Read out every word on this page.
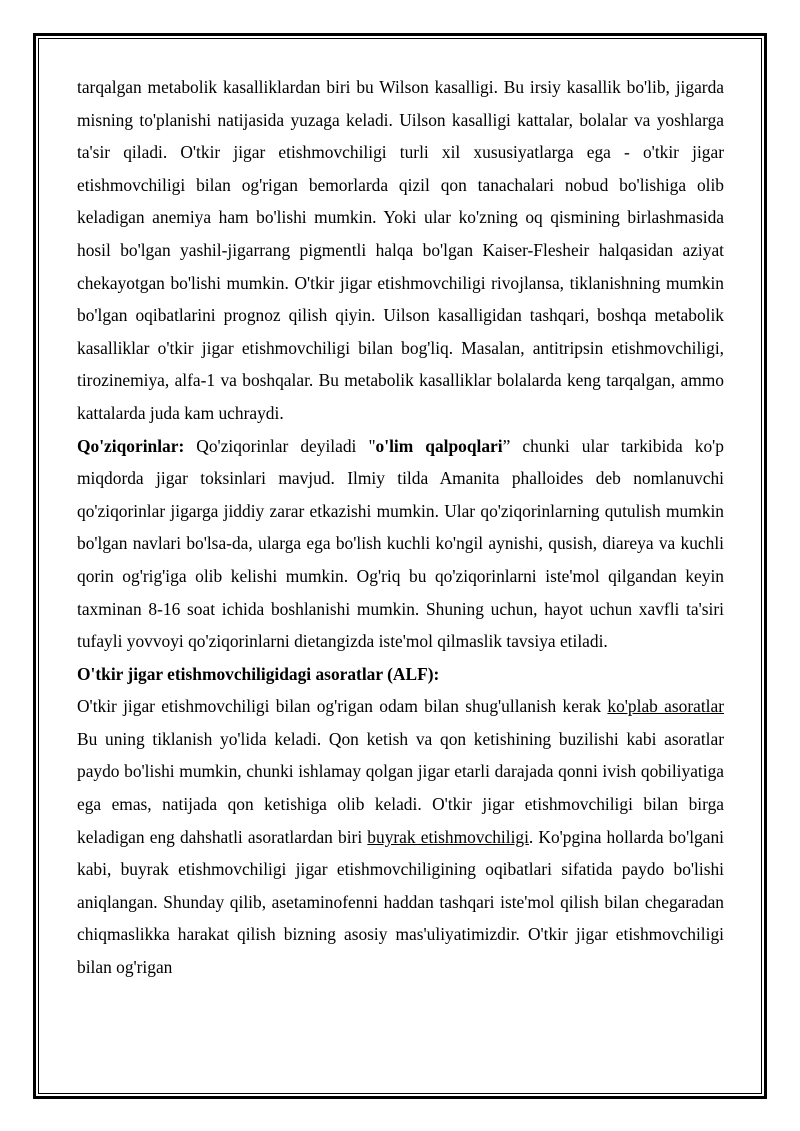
tarqalgan metabolik kasalliklardan biri bu Wilson kasalligi. Bu irsiy kasallik bo'lib, jigarda misning to'planishi natijasida yuzaga keladi. Uilson kasalligi kattalar, bolalar va yoshlarga ta'sir qiladi. O'tkir jigar etishmovchiligi turli xil xususiyatlarga ega - o'tkir jigar etishmovchiligi bilan og'rigan bemorlarda qizil qon tanachalari nobud bo'lishiga olib keladigan anemiya ham bo'lishi mumkin. Yoki ular ko'zning oq qismining birlashmasida hosil bo'lgan yashil-jigarrang pigmentli halqa bo'lgan Kaiser-Flesheir halqasidan aziyat chekayotgan bo'lishi mumkin. O'tkir jigar etishmovchiligi rivojlansa, tiklanishning mumkin bo'lgan oqibatlarini prognoz qilish qiyin. Uilson kasalligidan tashqari, boshqa metabolik kasalliklar o'tkir jigar etishmovchiligi bilan bog'liq. Masalan, antitripsin etishmovchiligi, tirozinemiya, alfa-1 va boshqalar. Bu metabolik kasalliklar bolalarda keng tarqalgan, ammo kattalarda juda kam uchraydi.

Qo'ziqorinlar: Qo'ziqorinlar deyiladi "o'lim qalpoqlari” chunki ular tarkibida ko'p miqdorda jigar toksinlari mavjud. Ilmiy tilda Amanita phalloides deb nomlanuvchi qo'ziqorinlar jigarga jiddiy zarar etkazishi mumkin. Ular qo'ziqorinlarning qutulish mumkin bo'lgan navlari bo'lsa-da, ularga ega bo'lish kuchli ko'ngil aynishi, qusish, diareya va kuchli qorin og'rig'iga olib kelishi mumkin. Og'riq bu qo'ziqorinlarni iste'mol qilgandan keyin taxminan 8-16 soat ichida boshlanishi mumkin. Shuning uchun, hayot uchun xavfli ta'siri tufayli yovvoyi qo'ziqorinlarni dietangizda iste'mol qilmaslik tavsiya etiladi.

O'tkir jigar etishmovchiligidagi asoratlar (ALF):

O'tkir jigar etishmovchiligi bilan og'rigan odam bilan shug'ullanish kerak ko'plab asoratlar Bu uning tiklanish yo'lida keladi. Qon ketish va qon ketishining buzilishi kabi asoratlar paydo bo'lishi mumkin, chunki ishlamay qolgan jigar etarli darajada qonni ivish qobiliyatiga ega emas, natijada qon ketishiga olib keladi. O'tkir jigar etishmovchiligi bilan birga keladigan eng dahshatli asoratlardan biri buyrak etishmovchiligi. Ko'pgina hollarda bo'lgani kabi, buyrak etishmovchiligi jigar etishmovchiligining oqibatlari sifatida paydo bo'lishi aniqlangan. Shunday qilib, asetaminofenni haddan tashqari iste'mol qilish bilan chegaradan chiqmaslikka harakat qilish bizning asosiy mas'uliyatimizdir. O'tkir jigar etishmovchiligi bilan og'rigan
